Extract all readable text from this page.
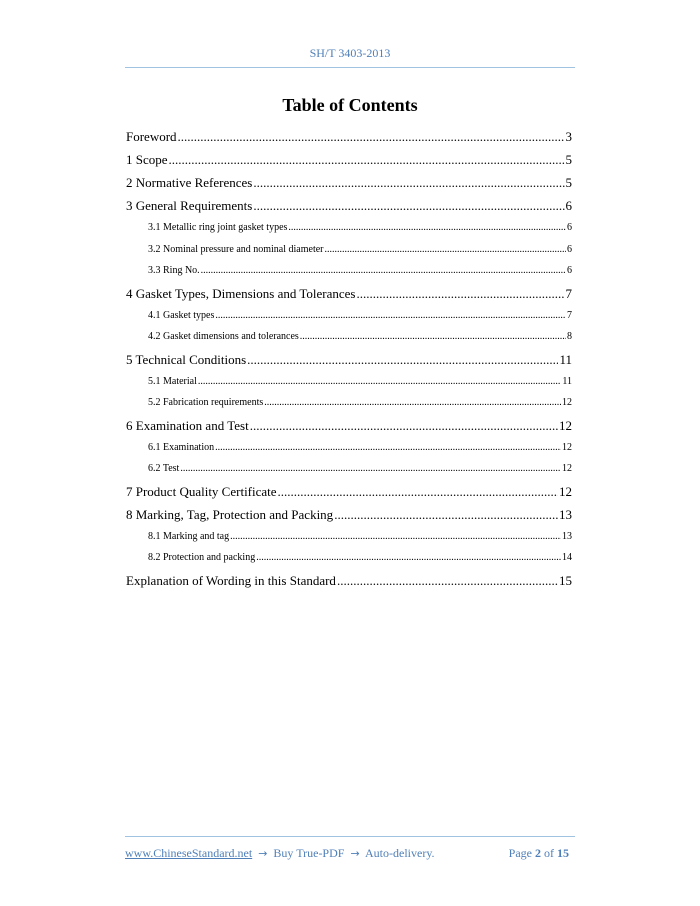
SH/T 3403-2013
Table of Contents
Foreword .....	3
1 Scope .....	5
2 Normative References .....	5
3 General Requirements .....	6
3.1 Metallic ring joint gasket types .....	6
3.2 Nominal pressure and nominal diameter .....	6
3.3 Ring No. .....	6
4 Gasket Types, Dimensions and Tolerances .....	7
4.1 Gasket types .....	7
4.2 Gasket dimensions and tolerances .....	8
5 Technical Conditions .....	11
5.1 Material .....	11
5.2 Fabrication requirements .....	12
6 Examination and Test .....	12
6.1 Examination .....	12
6.2 Test .....	12
7 Product Quality Certificate .....	12
8 Marking, Tag, Protection and Packing .....	13
8.1 Marking and tag .....	13
8.2 Protection and packing .....	14
Explanation of Wording in this Standard .....	15
www.ChineseStandard.net → Buy True-PDF → Auto-delivery.	Page 2 of 15
